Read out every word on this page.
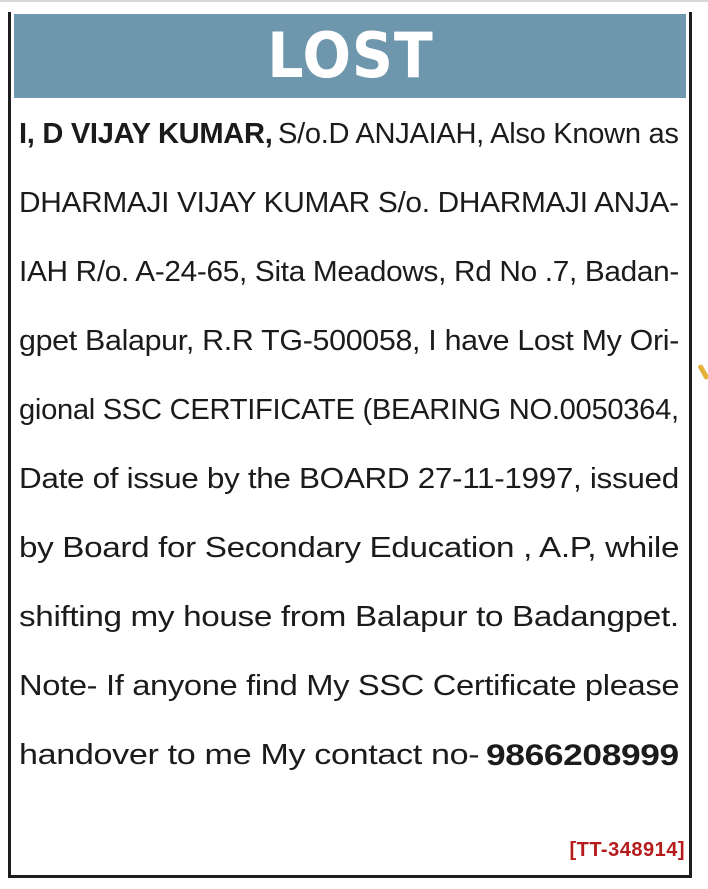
LOST
I, D VIJAY KUMAR, S/o.D ANJAIAH, Also Known as
DHARMAJI VIJAY KUMAR S/o. DHARMAJI ANJA-
IAH R/o. A-24-65, Sita Meadows, Rd No .7, Badan-
gpet Balapur, R.R TG-500058, I have Lost My Ori-
gional SSC CERTIFICATE (BEARING NO.0050364,
Date of issue by the BOARD 27-11-1997, issued
by Board for Secondary Education , A.P, while
shifting my house from Balapur to Badangpet.
Note- If anyone find My SSC Certificate please
handover to me My contact no- 9866208999
[TT-348914]
